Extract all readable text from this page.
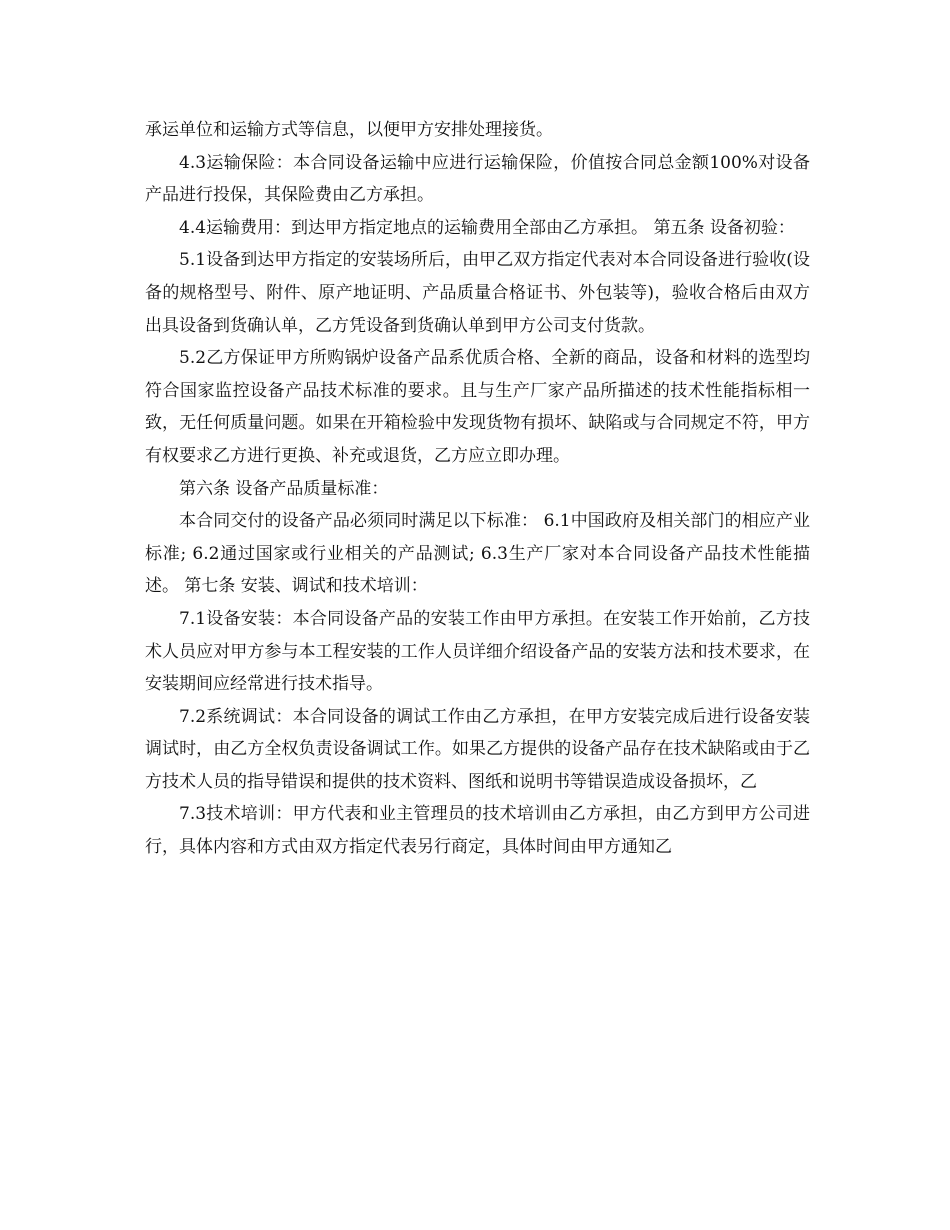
承运单位和运输方式等信息，以便甲方安排处理接货。

4.3运输保险：本合同设备运输中应进行运输保险，价值按合同总金额100%对设备产品进行投保，其保险费由乙方承担。

4.4运输费用：到达甲方指定地点的运输费用全部由乙方承担。 第五条 设备初验：

5.1设备到达甲方指定的安装场所后，由甲乙双方指定代表对本合同设备进行验收(设备的规格型号、附件、原产地证明、产品质量合格证书、外包装等)，验收合格后由双方出具设备到货确认单，乙方凭设备到货确认单到甲方公司支付货款。

5.2乙方保证甲方所购锅炉设备产品系优质合格、全新的商品，设备和材料的选型均符合国家监控设备产品技术标准的要求。且与生产厂家产品所描述的技术性能指标相一致，无任何质量问题。如果在开箱检验中发现货物有损坏、缺陷或与合同规定不符，甲方有权要求乙方进行更换、补充或退货，乙方应立即办理。

第六条 设备产品质量标准：

本合同交付的设备产品必须同时满足以下标准： 6.1中国政府及相关部门的相应产业标准; 6.2通过国家或行业相关的产品测试; 6.3生产厂家对本合同设备产品技术性能描述。 第七条 安装、调试和技术培训：

7.1设备安装：本合同设备产品的安装工作由甲方承担。在安装工作开始前，乙方技术人员应对甲方参与本工程安装的工作人员详细介绍设备产品的安装方法和技术要求，在安装期间应经常进行技术指导。

7.2系统调试：本合同设备的调试工作由乙方承担，在甲方安装完成后进行设备安装调试时，由乙方全权负责设备调试工作。如果乙方提供的设备产品存在技术缺陷或由于乙方技术人员的指导错误和提供的技术资料、图纸和说明书等错误造成设备损坏，乙

7.3技术培训：甲方代表和业主管理员的技术培训由乙方承担，由乙方到甲方公司进行，具体内容和方式由双方指定代表另行商定，具体时间由甲方通知乙
